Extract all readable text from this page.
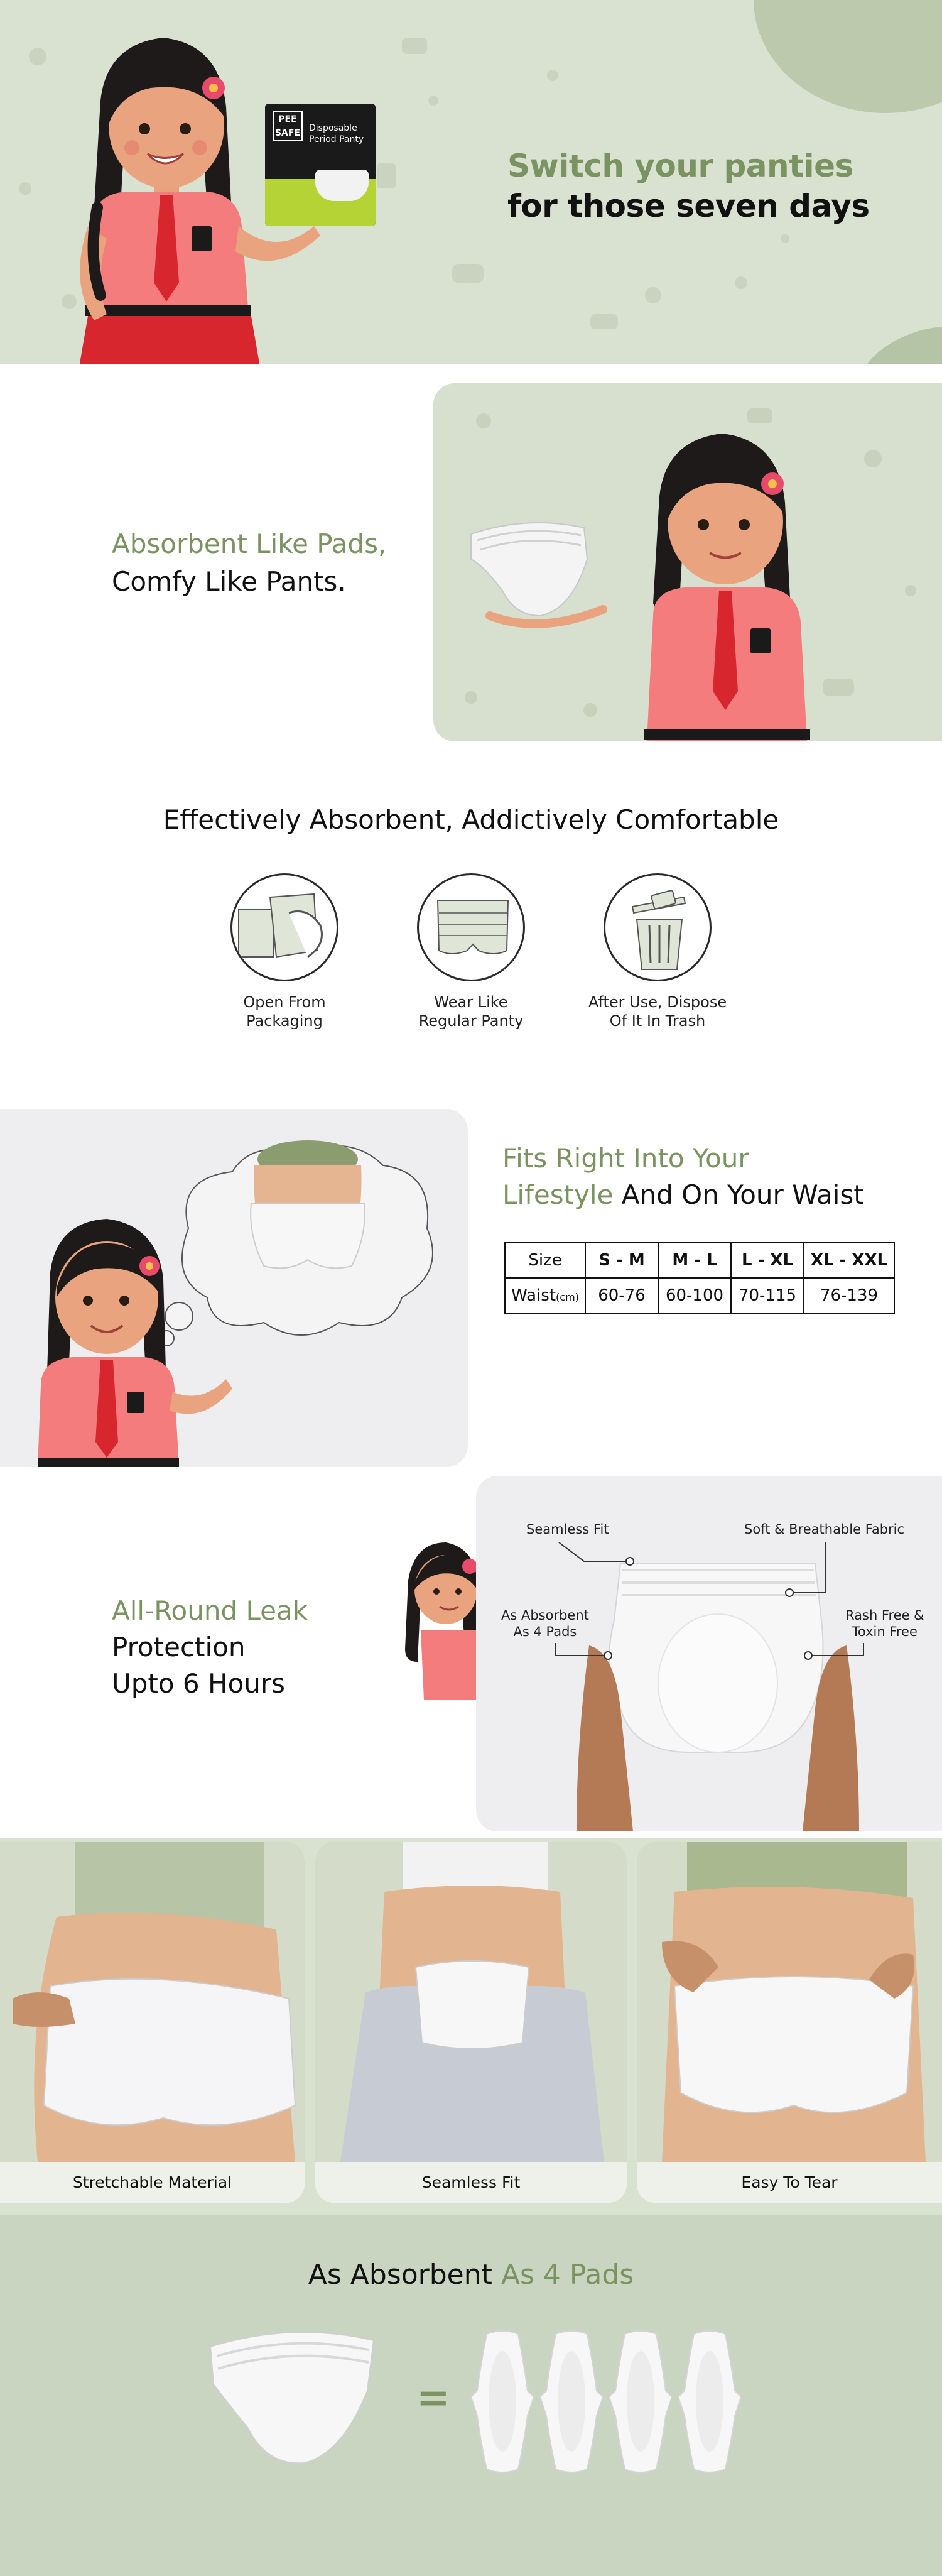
PEE
SAFE Disposable
Period Panty
Switch your panties
for those seven days
Absorbent Like Pads,
Comfy Like Pants.
Effectively Absorbent, Addictively Comfortable
Open From
Packaging
Wear Like
Regular Panty
After Use, Dispose
Of It In Trash
Fits Right Into Your
Lifestyle And On Your Waist
Size	S - M	M - L	L - XL	XL - XXL
Waist(cm)	60-76	60-100	70-115	76-139
All-Round Leak
Protection
Upto 6 Hours
Seamless Fit	Soft & Breathable Fabric
As Absorbent
As 4 Pads
Rash Free &
Toxin Free
Stretchable Material	Seamless Fit	Easy To Tear
As Absorbent As 4 Pads
=
